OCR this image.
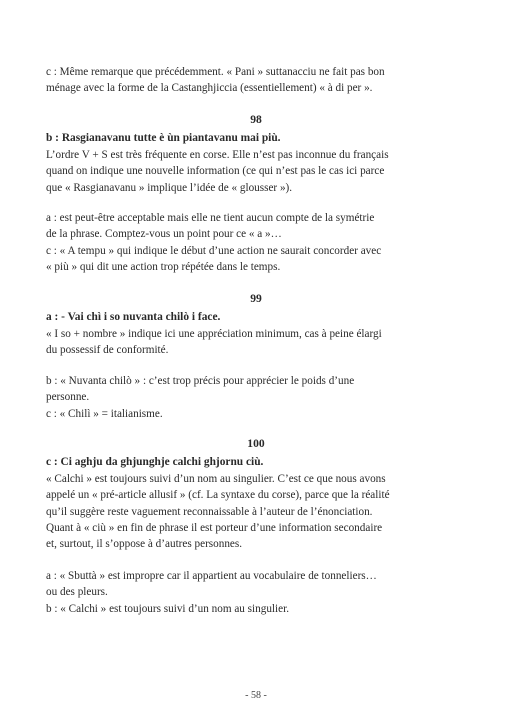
c : Même remarque que précédemment. « Pani » suttanacciu ne fait pas bon
ménage avec la forme de la Castanghjiccia (essentiellement) « à di per ».
98
b : Rasgianavanu tutte è ùn piantavanu mai più.
L’ordre V + S est très fréquente en corse. Elle n’est pas inconnue du français
quand on indique une nouvelle information (ce qui n’est pas le cas ici parce
que « Rasgianavanu » implique l’idée de « glousser »).
a : est peut-être acceptable mais elle ne tient aucun compte de la symétrie
de la phrase. Comptez-vous un point pour ce « a »…
c : « A tempu » qui indique le début d’une action ne saurait concorder avec
« più » qui dit une action trop répétée dans le temps.
99
a : - Vai chì i so nuvanta chilò i face.
« I so + nombre » indique ici une appréciation minimum, cas à peine élargi
du possessif de conformité.
b : « Nuvanta chilò » : c’est trop précis pour apprécier le poids d’une
personne.
c : « Chilì » = italianisme.
100
c : Ci aghju da ghjunghje calchi ghjornu ciù.
« Calchi » est toujours suivi d’un nom au singulier. C’est ce que nous avons
appelé un « pré-article allusif » (cf. La syntaxe du corse), parce que la réalité
qu’il suggère reste vaguement reconnaissable à l’auteur de l’énonciation.
Quant à « ciù » en fin de phrase il est porteur d’une information secondaire
et, surtout, il s’oppose à d’autres personnes.
a : « Sbuttà » est impropre car il appartient au vocabulaire de tonneliers…
ou des pleurs.
b : « Calchi » est toujours suivi d’un nom au singulier.
- 58 -
